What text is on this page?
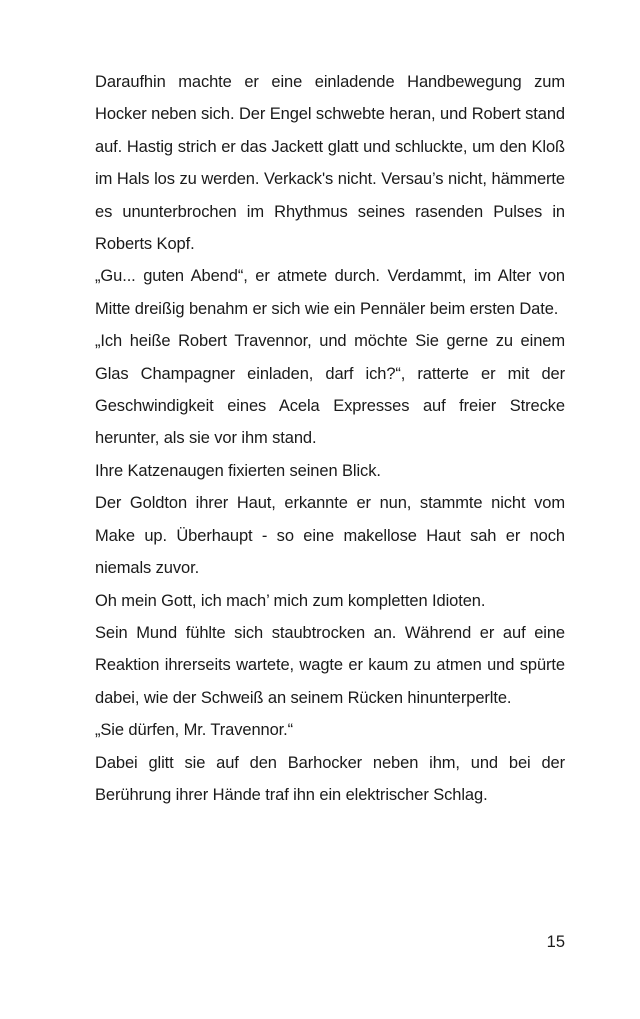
Daraufhin machte er eine einladende Handbewegung zum Hocker neben sich. Der Engel schwebte heran, und Robert stand auf. Hastig strich er das Jackett glatt und schluckte, um den Kloß im Hals los zu werden. Verkack's nicht. Versau’s nicht, hämmerte es ununterbrochen im Rhythmus seines rasenden Pulses in Roberts Kopf.

„Gu... guten Abend“, er atmete durch. Verdammt, im Alter von Mitte dreißig benahm er sich wie ein Pennäler beim ersten Date.

„Ich heiße Robert Travennor, und möchte Sie gerne zu einem Glas Champagner einladen, darf ich?“, ratterte er mit der Geschwindigkeit eines Acela Expresses auf freier Strecke herunter, als sie vor ihm stand.

Ihre Katzenaugen fixierten seinen Blick.

Der Goldton ihrer Haut, erkannte er nun, stammte nicht vom Make up. Überhaupt - so eine makellose Haut sah er noch niemals zuvor.

Oh mein Gott, ich mach’ mich zum kompletten Idioten.

Sein Mund fühlte sich staubtrocken an. Während er auf eine Reaktion ihrerseits wartete, wagte er kaum zu atmen und spürte dabei, wie der Schweiß an seinem Rücken hinunterperlte.

„Sie dürfen, Mr. Travennor.“

Dabei glitt sie auf den Barhocker neben ihm, und bei der Berührung ihrer Hände traf ihn ein elektrischer Schlag.

15
